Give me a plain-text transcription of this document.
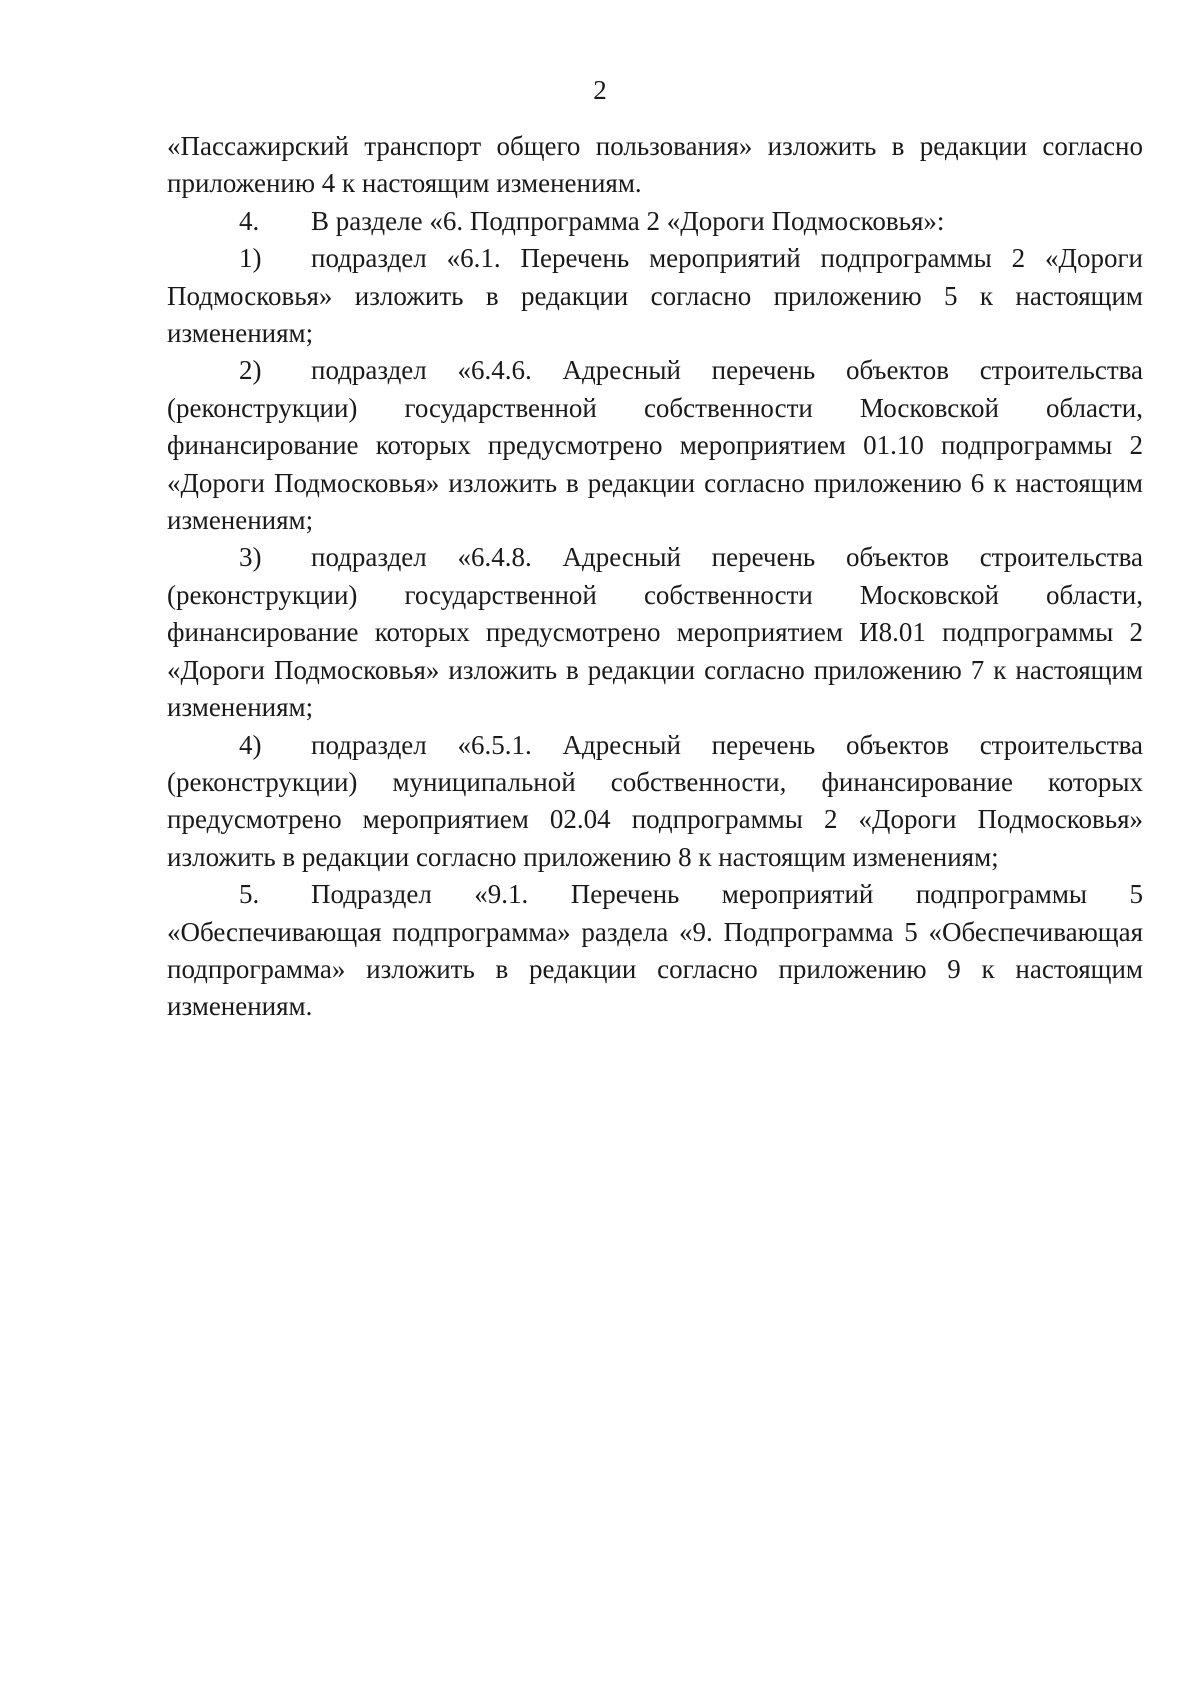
2

«Пассажирский транспорт общего пользования» изложить в редакции согласно приложению 4 к настоящим изменениям.

4. В разделе «6. Подпрограмма 2 «Дороги Подмосковья»:

1) подраздел «6.1. Перечень мероприятий подпрограммы 2 «Дороги Подмосковья» изложить в редакции согласно приложению 5 к настоящим изменениям;

2) подраздел «6.4.6. Адресный перечень объектов строительства (реконструкции) государственной собственности Московской области, финансирование которых предусмотрено мероприятием 01.10 подпрограммы 2 «Дороги Подмосковья» изложить в редакции согласно приложению 6 к настоящим изменениям;

3) подраздел «6.4.8. Адресный перечень объектов строительства (реконструкции) государственной собственности Московской области, финансирование которых предусмотрено мероприятием И8.01 подпрограммы 2 «Дороги Подмосковья» изложить в редакции согласно приложению 7 к настоящим изменениям;

4) подраздел «6.5.1. Адресный перечень объектов строительства (реконструкции) муниципальной собственности, финансирование которых предусмотрено мероприятием 02.04 подпрограммы 2 «Дороги Подмосковья» изложить в редакции согласно приложению 8 к настоящим изменениям;

5. Подраздел «9.1. Перечень мероприятий подпрограммы 5 «Обеспечивающая подпрограмма» раздела «9. Подпрограмма 5 «Обеспечивающая подпрограмма» изложить в редакции согласно приложению 9 к настоящим изменениям.
